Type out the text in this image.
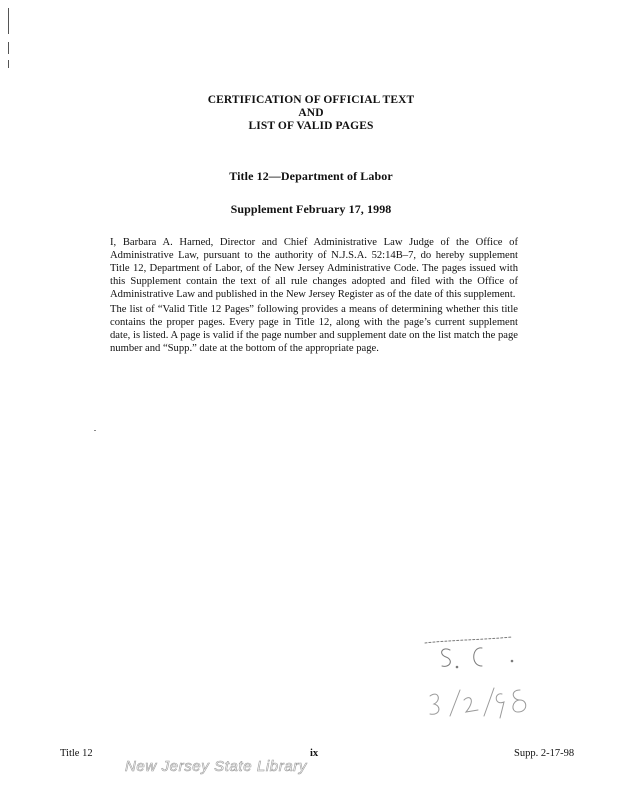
CERTIFICATION OF OFFICIAL TEXT
AND
LIST OF VALID PAGES
Title 12—Department of Labor
Supplement February 17, 1998

I, Barbara A. Harned, Director and Chief Administrative Law Judge of the Office of Administrative Law, pursuant to the authority of N.J.S.A. 52:14B–7, do hereby supplement Title 12, Department of Labor, of the New Jersey Administrative Code. The pages issued with this Supplement contain the text of all rule changes adopted and filed with the Office of Administrative Law and published in the New Jersey Register as of the date of this supplement.

The list of “Valid Title 12 Pages” following provides a means of determining whether this title contains the proper pages. Every page in Title 12, along with the page’s current supplement date, is listed. A page is valid if the page number and supplement date on the list match the page number and “Supp.” date at the bottom of the appropriate page.

Title 12	ix	Supp. 2-17-98
New Jersey State Library
